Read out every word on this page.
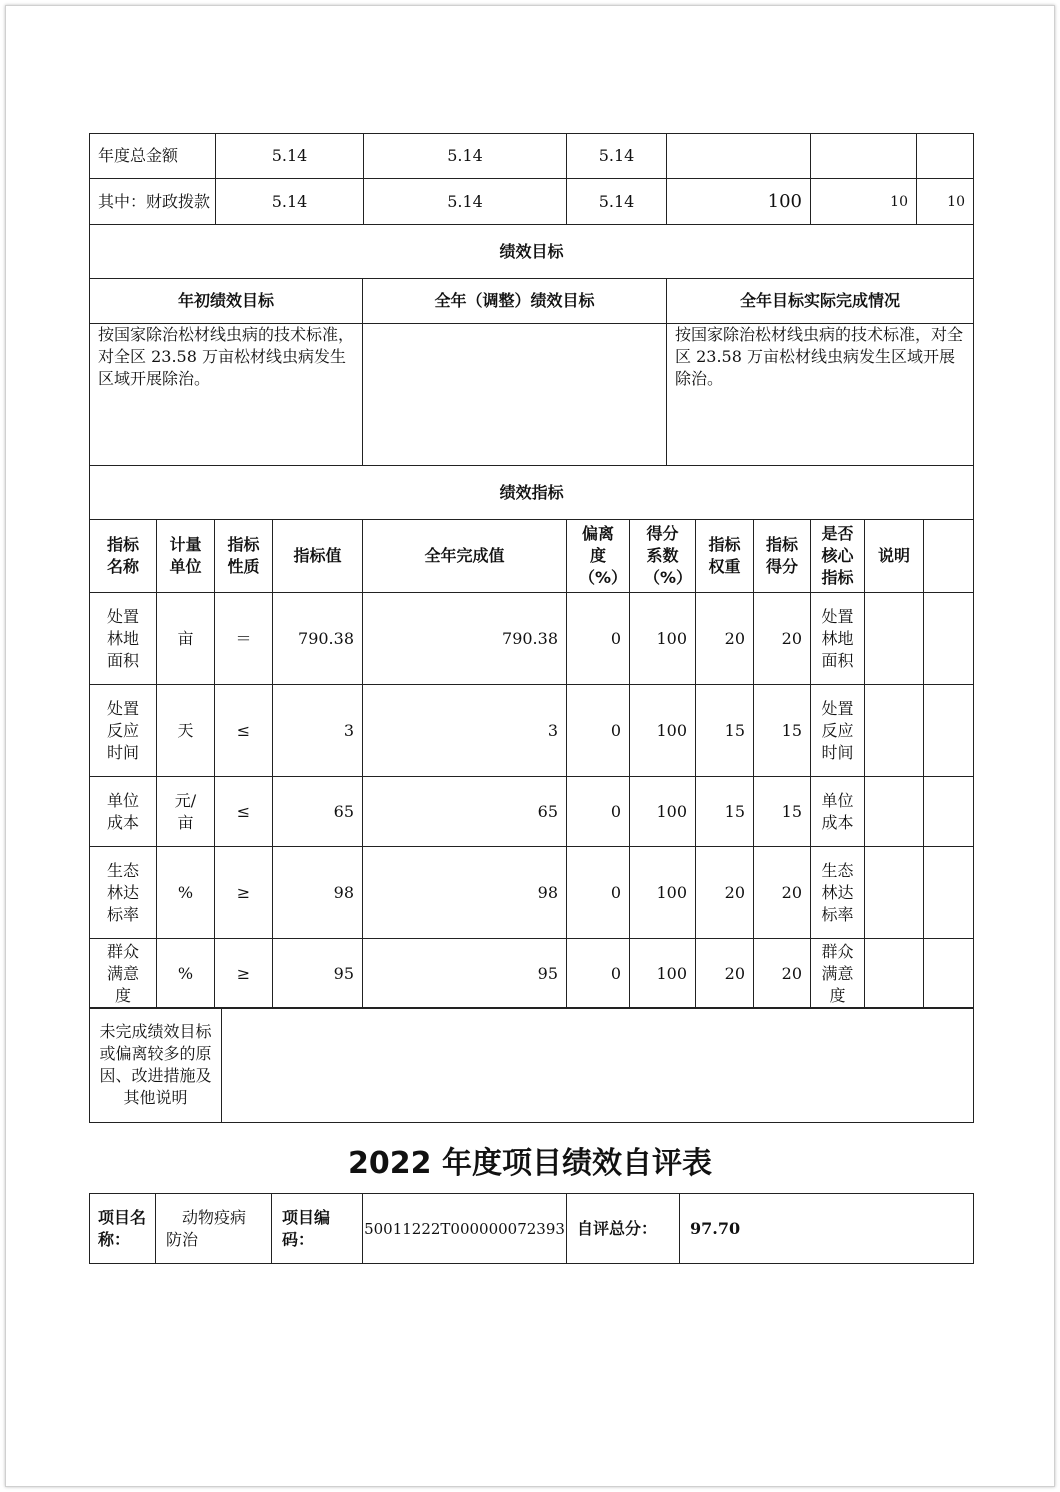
年度总金额	5.14	5.14	5.14			
其中：财政拨款	5.14	5.14	5.14	100	10	10
绩效目标		
年初绩效目标	全年（调整）绩效目标	全年目标实际完成情况
按国家除治松材线虫病的技术标准，对全区 23.58 万亩松材线虫病发生区域开展除治。		按国家除治松材线虫病的技术标准，对全区 23.58 万亩松材线虫病发生区域开展除治。
绩效指标											
指标名称	计量单位	指标性质	指标值	全年完成值	偏离度（%）	得分系数（%）	指标权重	指标得分	是否核心指标	说明	
处置林地面积	亩	＝	790.38	790.38	0	100	20	20	处置林地面积		
处置反应时间	天	≤	3	3	0	100	15	15	处置反应时间		
单位成本	元/亩	≤	65	65	0	100	15	15	单位成本		
生态林达标率	%	≥	98	98	0	100	20	20	生态林达标率		
群众满意度	%	≥	95	95	0	100	20	20	群众满意度		
未完成绩效目标或偏离较多的原因、改进措施及其他说明	
2022 年度项目绩效自评表
项目名称：	动物疫病防治	项目编码：	50011222T000000072393	自评总分：	97.70
